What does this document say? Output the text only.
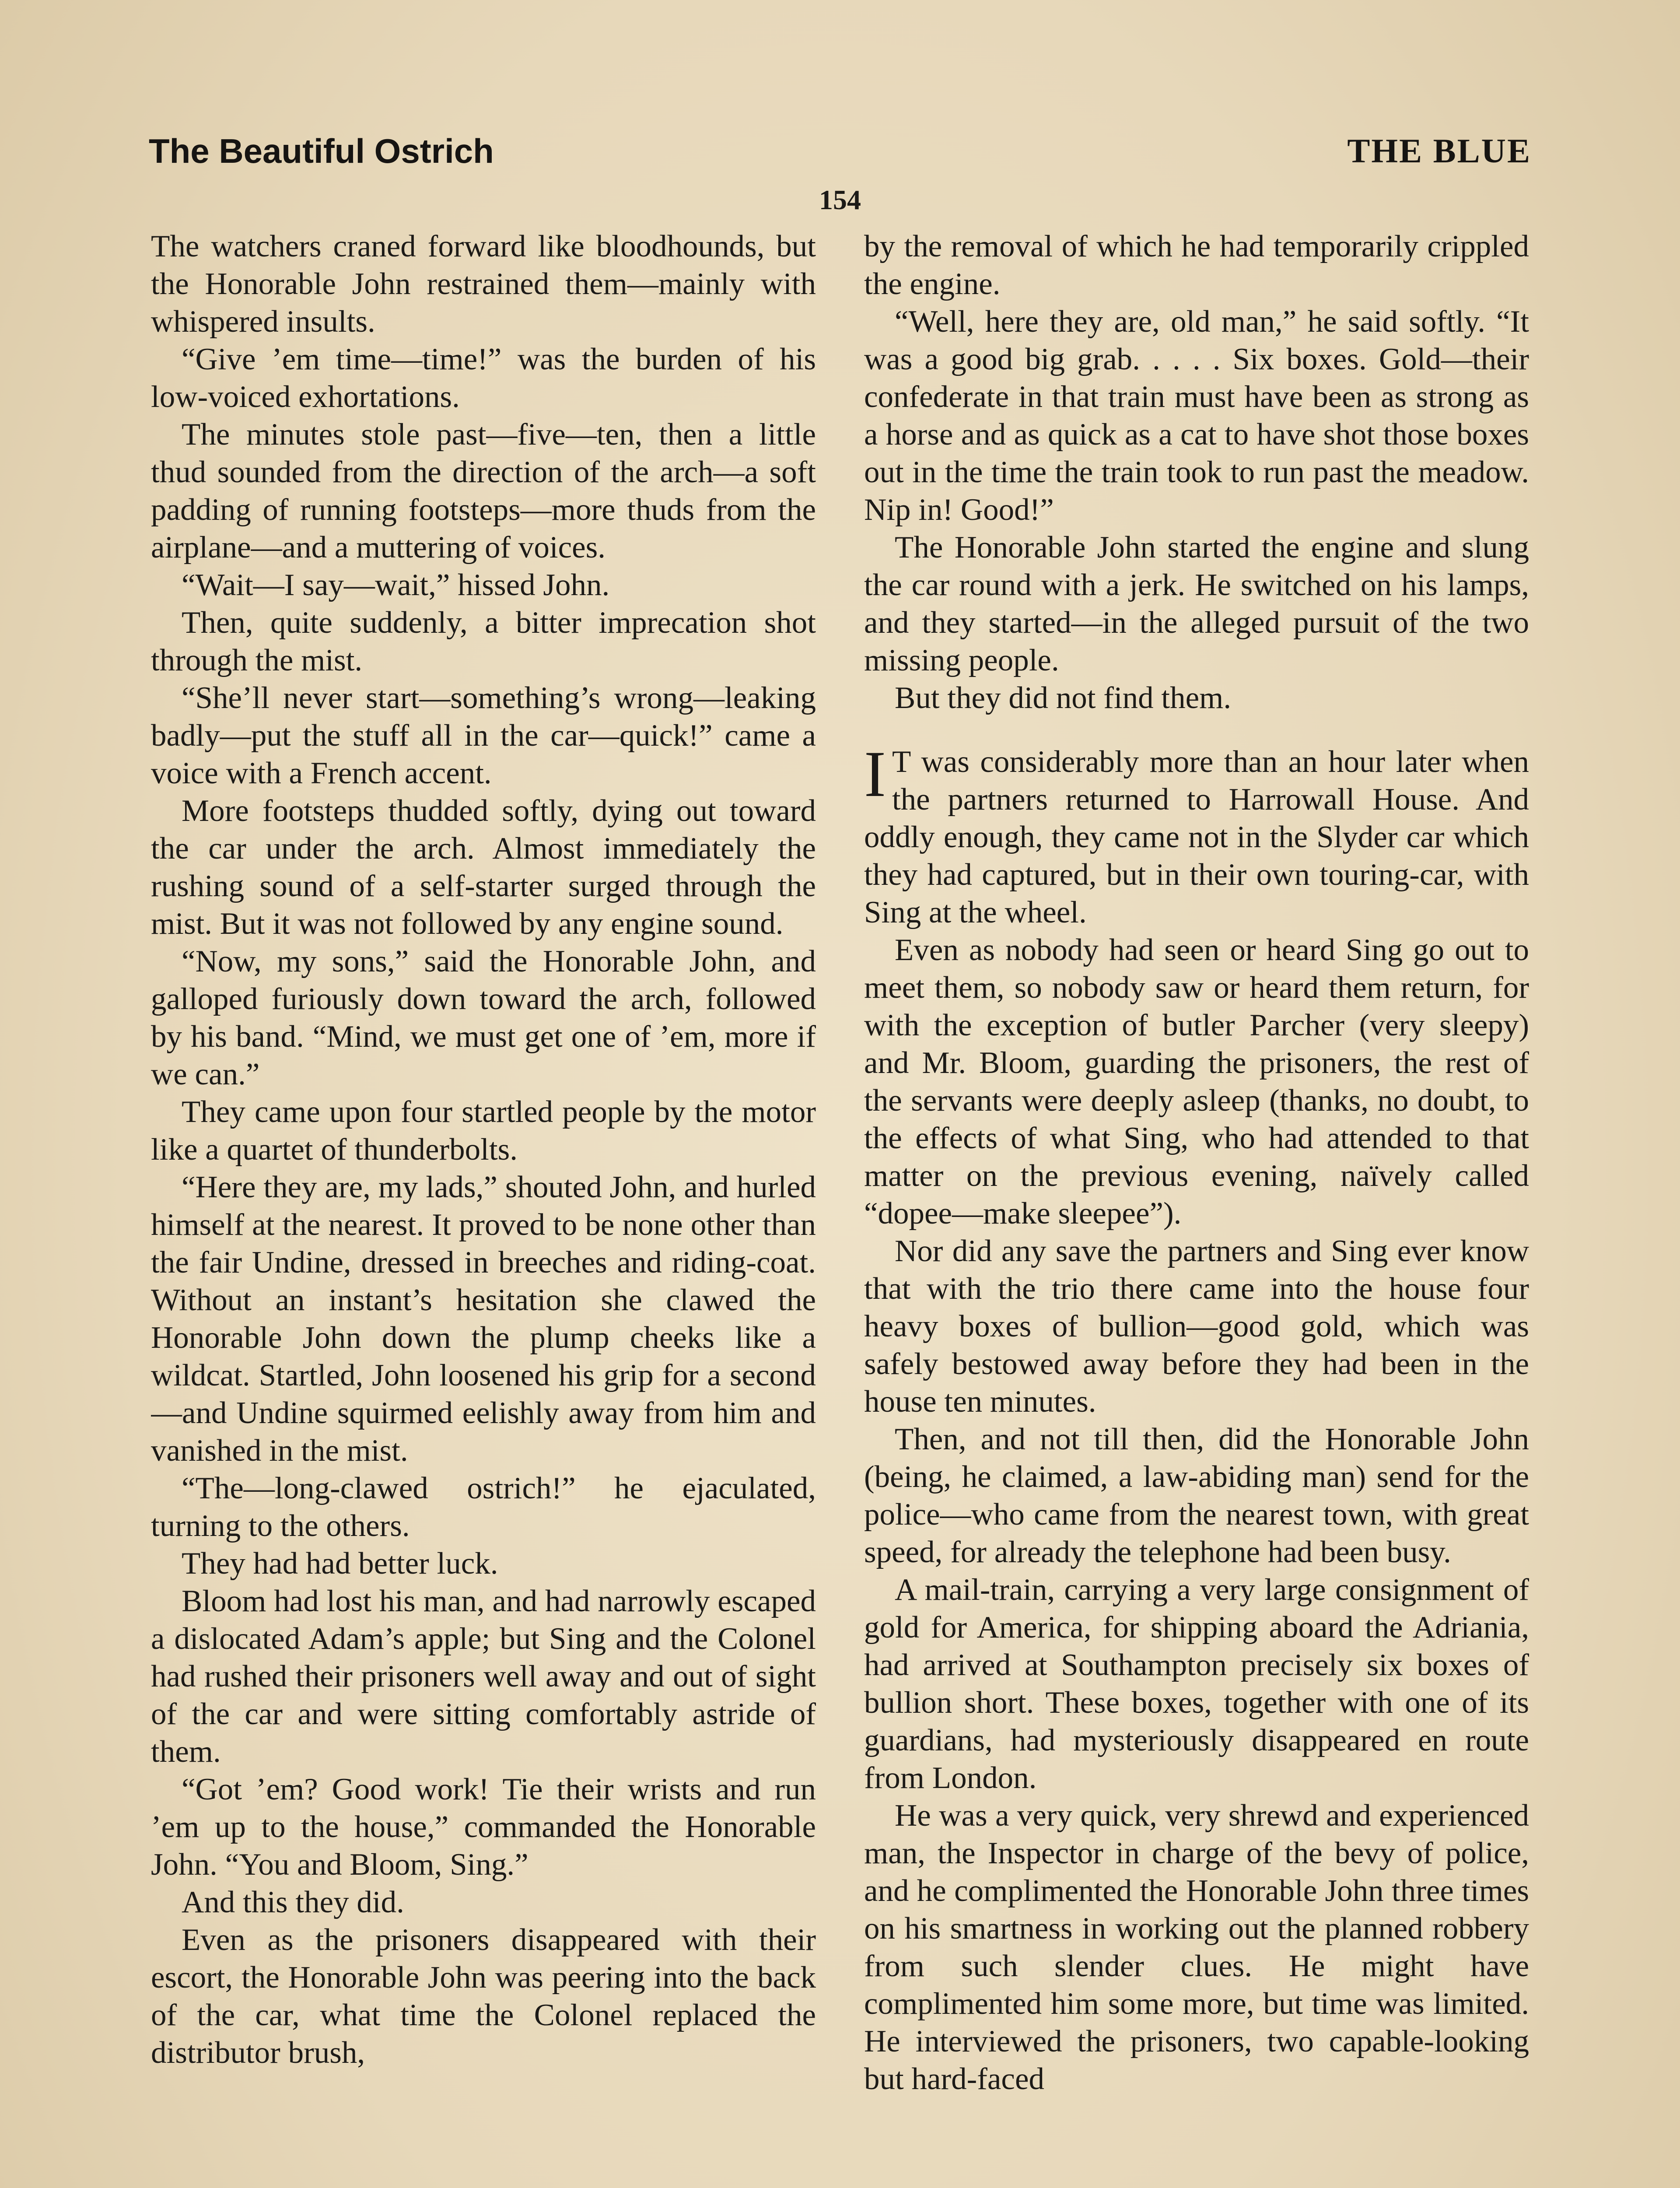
The Beautiful Ostrich	THE BLUE
154

The watchers craned forward like bloodhounds, but the Honorable John restrained them—mainly with whispered insults.

“Give ’em time—time!” was the burden of his low-voiced exhortations.

The minutes stole past—five—ten, then a little thud sounded from the direction of the arch—a soft padding of running footsteps—more thuds from the airplane—and a muttering of voices.

“Wait—I say—wait,” hissed John.

Then, quite suddenly, a bitter imprecation shot through the mist.

“She’ll never start—something’s wrong—leaking badly—put the stuff all in the car—quick!” came a voice with a French accent.

More footsteps thudded softly, dying out toward the car under the arch. Almost immediately the rushing sound of a self-starter surged through the mist. But it was not followed by any engine sound.

“Now, my sons,” said the Honorable John, and galloped furiously down toward the arch, followed by his band. “Mind, we must get one of ’em, more if we can.”

They came upon four startled people by the motor like a quartet of thunderbolts.

“Here they are, my lads,” shouted John, and hurled himself at the nearest. It proved to be none other than the fair Undine, dressed in breeches and riding-coat. Without an instant’s hesitation she clawed the Honorable John down the plump cheeks like a wildcat. Startled, John loosened his grip for a second—and Undine squirmed eelishly away from him and vanished in the mist.

“The—long-clawed ostrich!” he ejaculated, turning to the others.

They had had better luck.

Bloom had lost his man, and had narrowly escaped a dislocated Adam’s apple; but Sing and the Colonel had rushed their prisoners well away and out of sight of the car and were sitting comfortably astride of them.

“Got ’em? Good work! Tie their wrists and run ’em up to the house,” commanded the Honorable John. “You and Bloom, Sing.”

And this they did.

Even as the prisoners disappeared with their escort, the Honorable John was peering into the back of the car, what time the Colonel replaced the distributor brush,

by the removal of which he had temporarily crippled the engine.

“Well, here they are, old man,” he said softly. “It was a good big grab. . . . . Six boxes. Gold—their confederate in that train must have been as strong as a horse and as quick as a cat to have shot those boxes out in the time the train took to run past the meadow. Nip in! Good!”

The Honorable John started the engine and slung the car round with a jerk. He switched on his lamps, and they started—in the alleged pursuit of the two missing people.

But they did not find them.

I T was considerably more than an hour later when the partners returned to Harrowall House. And oddly enough, they came not in the Slyder car which they had captured, but in their own touring-car, with Sing at the wheel.

Even as nobody had seen or heard Sing go out to meet them, so nobody saw or heard them return, for with the exception of butler Parcher (very sleepy) and Mr. Bloom, guarding the prisoners, the rest of the servants were deeply asleep (thanks, no doubt, to the effects of what Sing, who had attended to that matter on the previous evening, naïvely called “dopee—make sleepee”).

Nor did any save the partners and Sing ever know that with the trio there came into the house four heavy boxes of bullion—good gold, which was safely bestowed away before they had been in the house ten minutes.

Then, and not till then, did the Honorable John (being, he claimed, a law-abiding man) send for the police—who came from the nearest town, with great speed, for already the telephone had been busy.

A mail-train, carrying a very large consignment of gold for America, for shipping aboard the Adriania, had arrived at Southampton precisely six boxes of bullion short. These boxes, together with one of its guardians, had mysteriously disappeared en route from London.

He was a very quick, very shrewd and experienced man, the Inspector in charge of the bevy of police, and he complimented the Honorable John three times on his smartness in working out the planned robbery from such slender clues. He might have complimented him some more, but time was limited. He interviewed the prisoners, two capable-looking but hard-faced
